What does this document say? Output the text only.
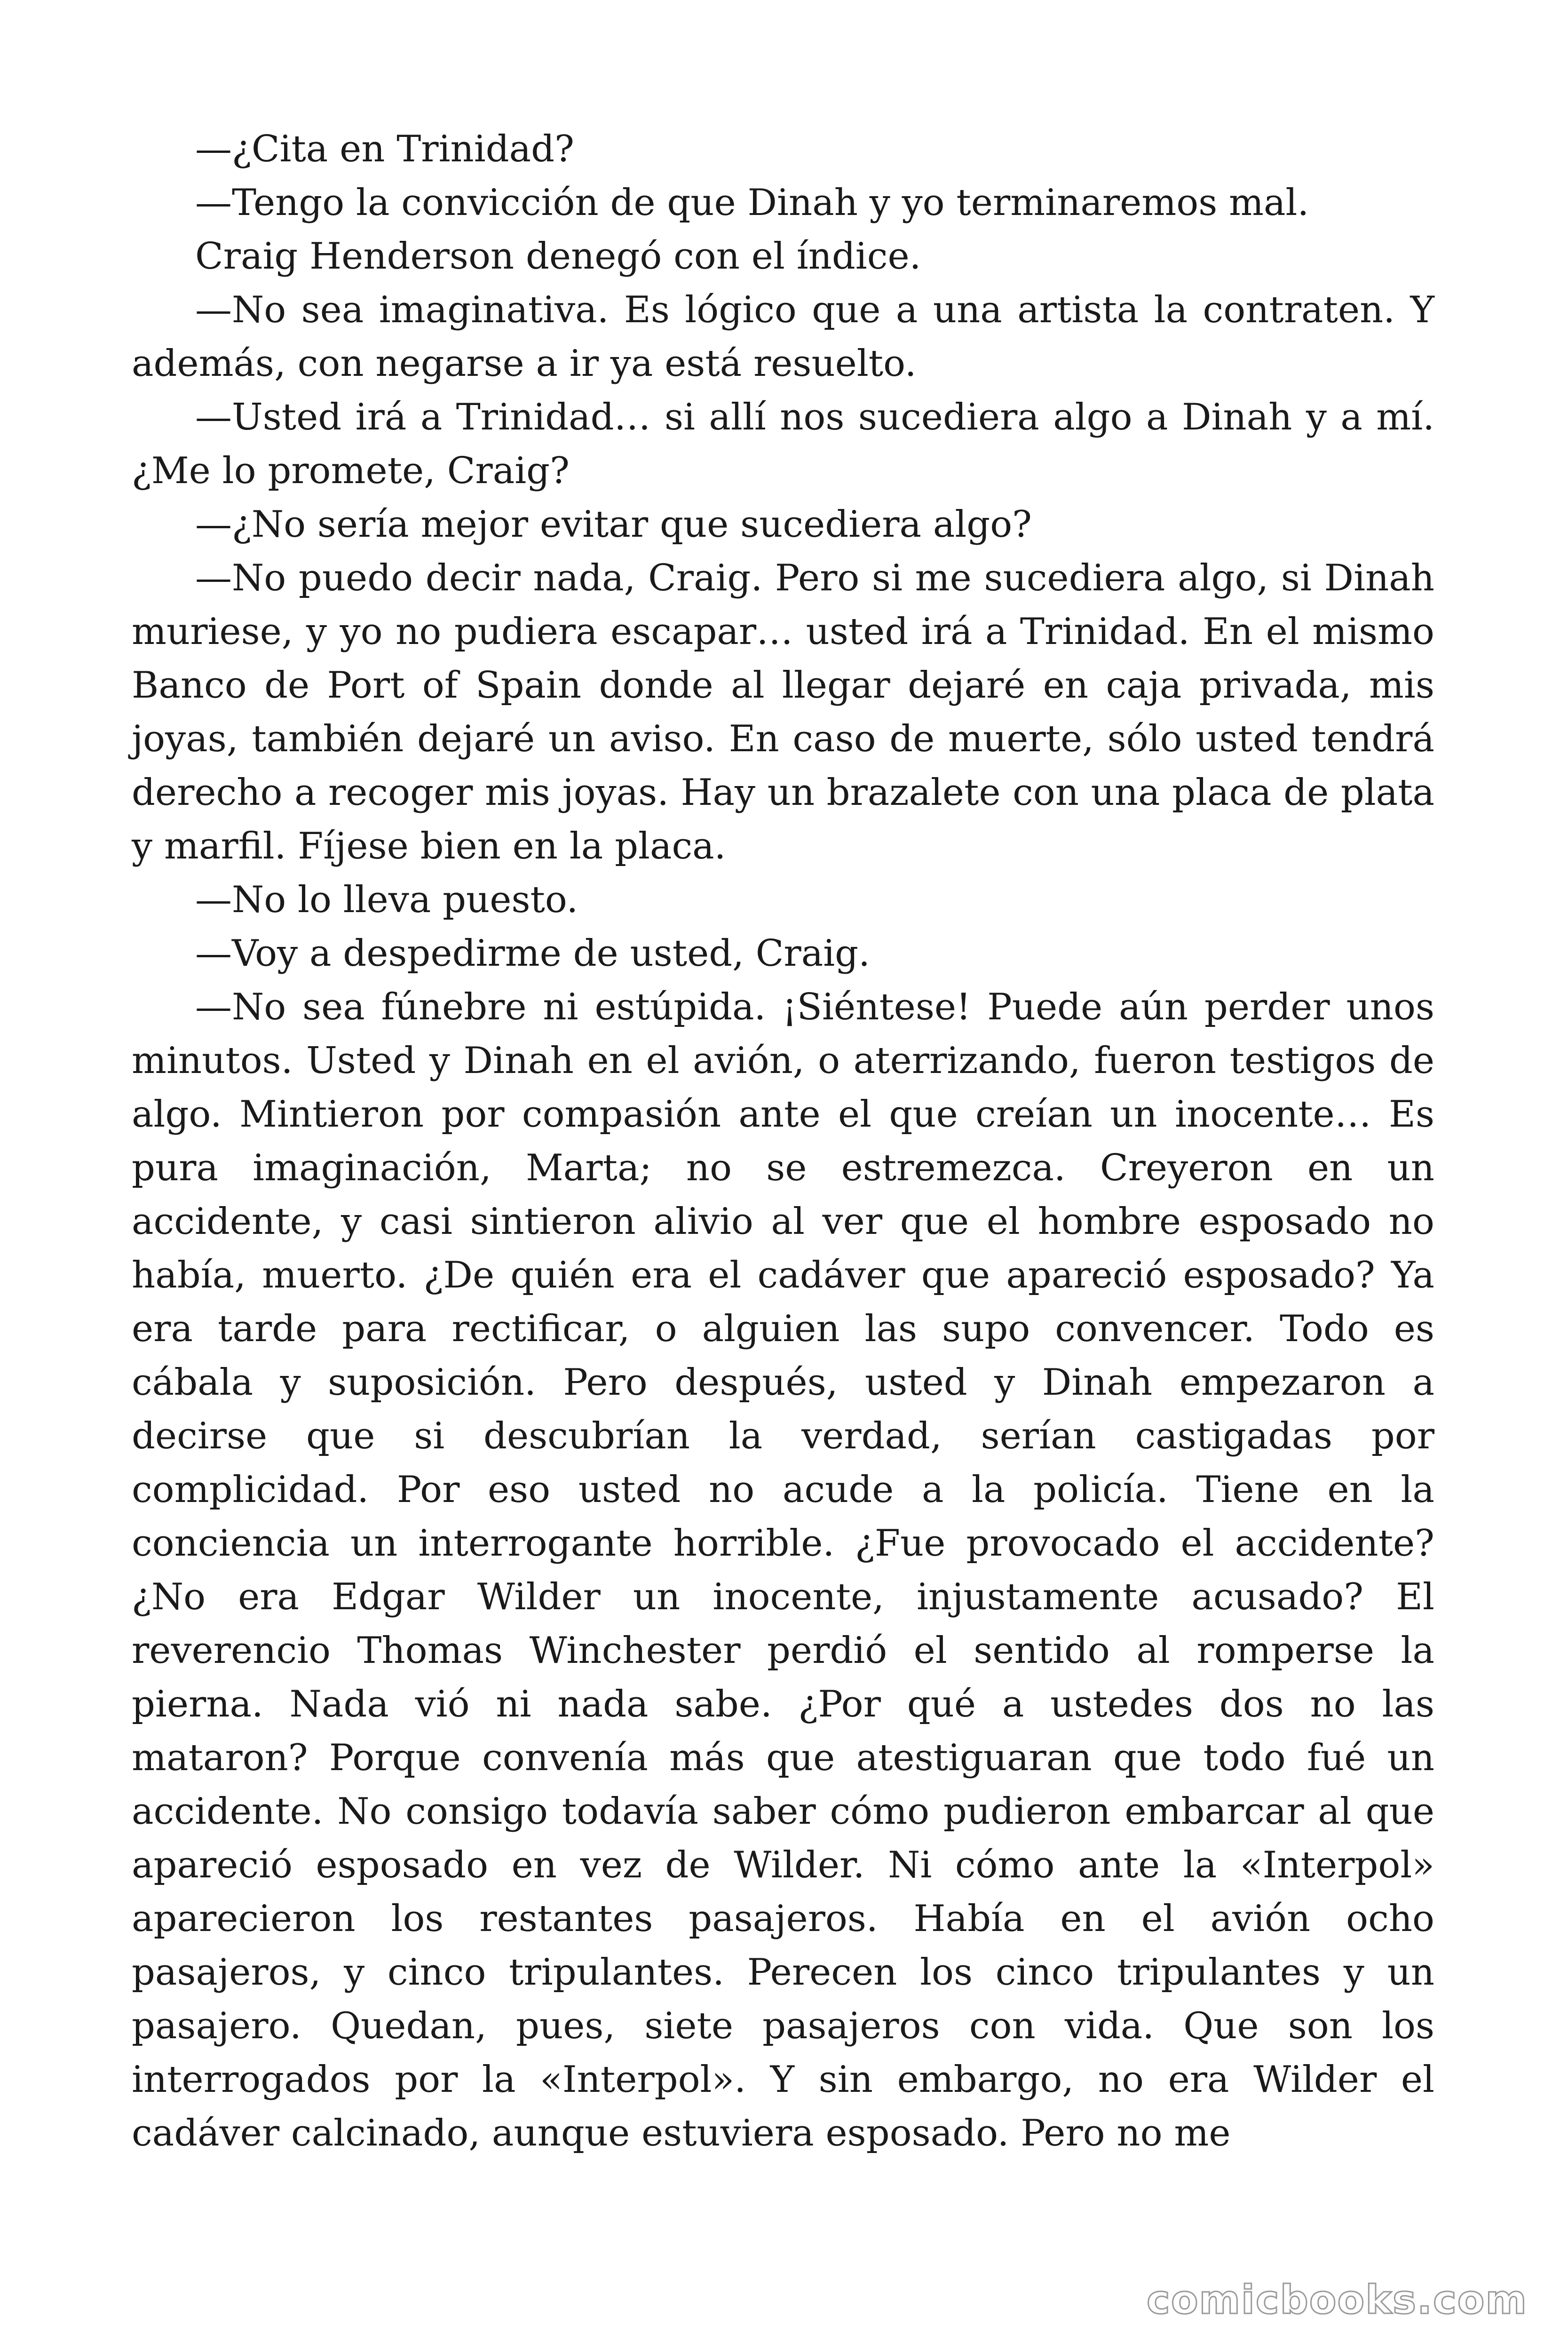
—¿Cita en Trinidad?

—Tengo la convicción de que Dinah y yo terminaremos mal.

Craig Henderson denegó con el índice.

—No sea imaginativa. Es lógico que a una artista la contraten. Y además, con negarse a ir ya está resuelto.

—Usted irá a Trinidad… si allí nos sucediera algo a Dinah y a mí. ¿Me lo promete, Craig?

—¿No sería mejor evitar que sucediera algo?

—No puedo decir nada, Craig. Pero si me sucediera algo, si Dinah muriese, y yo no pudiera escapar… usted irá a Trinidad. En el mismo Banco de Port of Spain donde al llegar dejaré en caja privada, mis joyas, también dejaré un aviso. En caso de muerte, sólo usted tendrá derecho a recoger mis joyas. Hay un brazalete con una placa de plata y marfil. Fíjese bien en la placa.

—No lo lleva puesto.

—Voy a despedirme de usted, Craig.

—No sea fúnebre ni estúpida. ¡Siéntese! Puede aún perder unos minutos. Usted y Dinah en el avión, o aterrizando, fueron testigos de algo. Mintieron por compasión ante el que creían un inocente… Es pura imaginación, Marta; no se estremezca. Creyeron en un accidente, y casi sintieron alivio al ver que el hombre esposado no había, muerto. ¿De quién era el cadáver que apareció esposado? Ya era tarde para rectificar, o alguien las supo convencer. Todo es cábala y suposición. Pero después, usted y Dinah empezaron a decirse que si descubrían la verdad, serían castigadas por complicidad. Por eso usted no acude a la policía. Tiene en la conciencia un interrogante horrible. ¿Fue provocado el accidente? ¿No era Edgar Wilder un inocente, injustamente acusado? El reverencio Thomas Winchester perdió el sentido al romperse la pierna. Nada vió ni nada sabe. ¿Por qué a ustedes dos no las mataron? Porque convenía más que atestiguaran que todo fué un accidente. No consigo todavía saber cómo pudieron embarcar al que apareció esposado en vez de Wilder. Ni cómo ante la «Interpol» aparecieron los restantes pasajeros. Había en el avión ocho pasajeros, y cinco tripulantes. Perecen los cinco tripulantes y un pasajero. Quedan, pues, siete pasajeros con vida. Que son los interrogados por la «Interpol». Y sin embargo, no era Wilder el cadáver calcinado, aunque estuviera esposado. Pero no me

comicbooks.com
